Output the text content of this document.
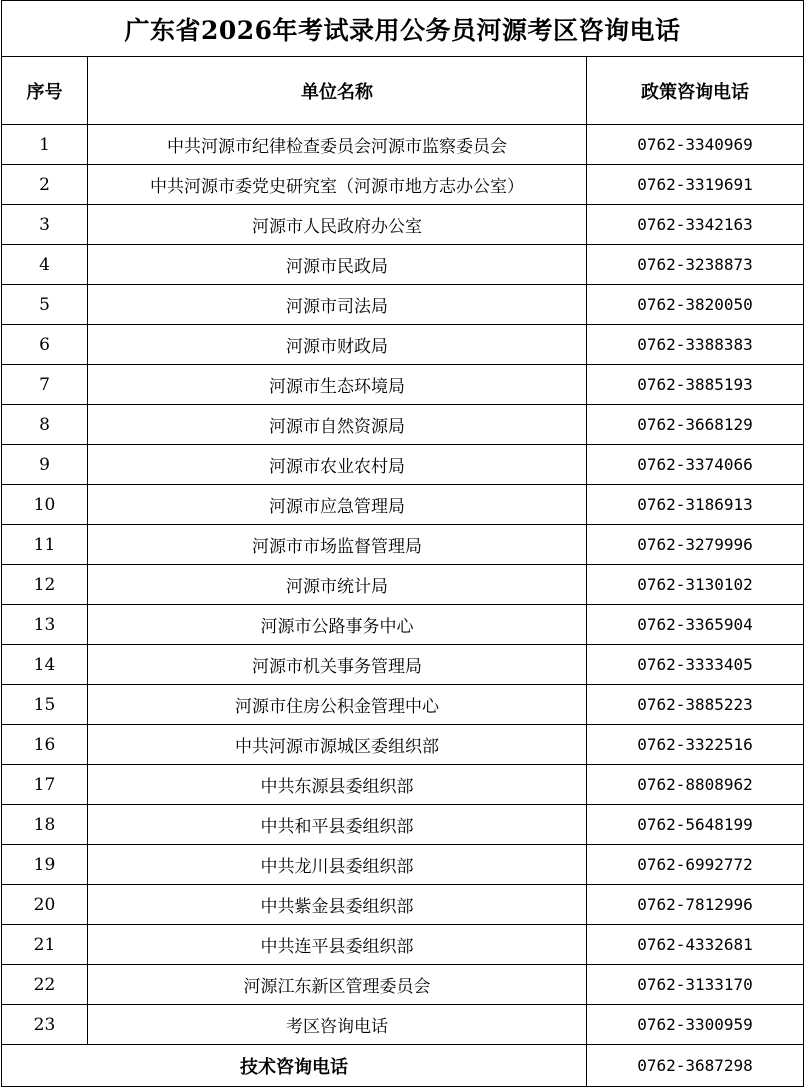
广东省2026年考试录用公务员河源考区咨询电话		
序号	单位名称	政策咨询电话
1	中共河源市纪律检查委员会河源市监察委员会	0762-3340969
2	中共河源市委党史研究室（河源市地方志办公室）	0762-3319691
3	河源市人民政府办公室	0762-3342163
4	河源市民政局	0762-3238873
5	河源市司法局	0762-3820050
6	河源市财政局	0762-3388383
7	河源市生态环境局	0762-3885193
8	河源市自然资源局	0762-3668129
9	河源市农业农村局	0762-3374066
10	河源市应急管理局	0762-3186913
11	河源市市场监督管理局	0762-3279996
12	河源市统计局	0762-3130102
13	河源市公路事务中心	0762-3365904
14	河源市机关事务管理局	0762-3333405
15	河源市住房公积金管理中心	0762-3885223
16	中共河源市源城区委组织部	0762-3322516
17	中共东源县委组织部	0762-8808962
18	中共和平县委组织部	0762-5648199
19	中共龙川县委组织部	0762-6992772
20	中共紫金县委组织部	0762-7812996
21	中共连平县委组织部	0762-4332681
22	河源江东新区管理委员会	0762-3133170
23	考区咨询电话	0762-3300959
技术咨询电话		0762-3687298
